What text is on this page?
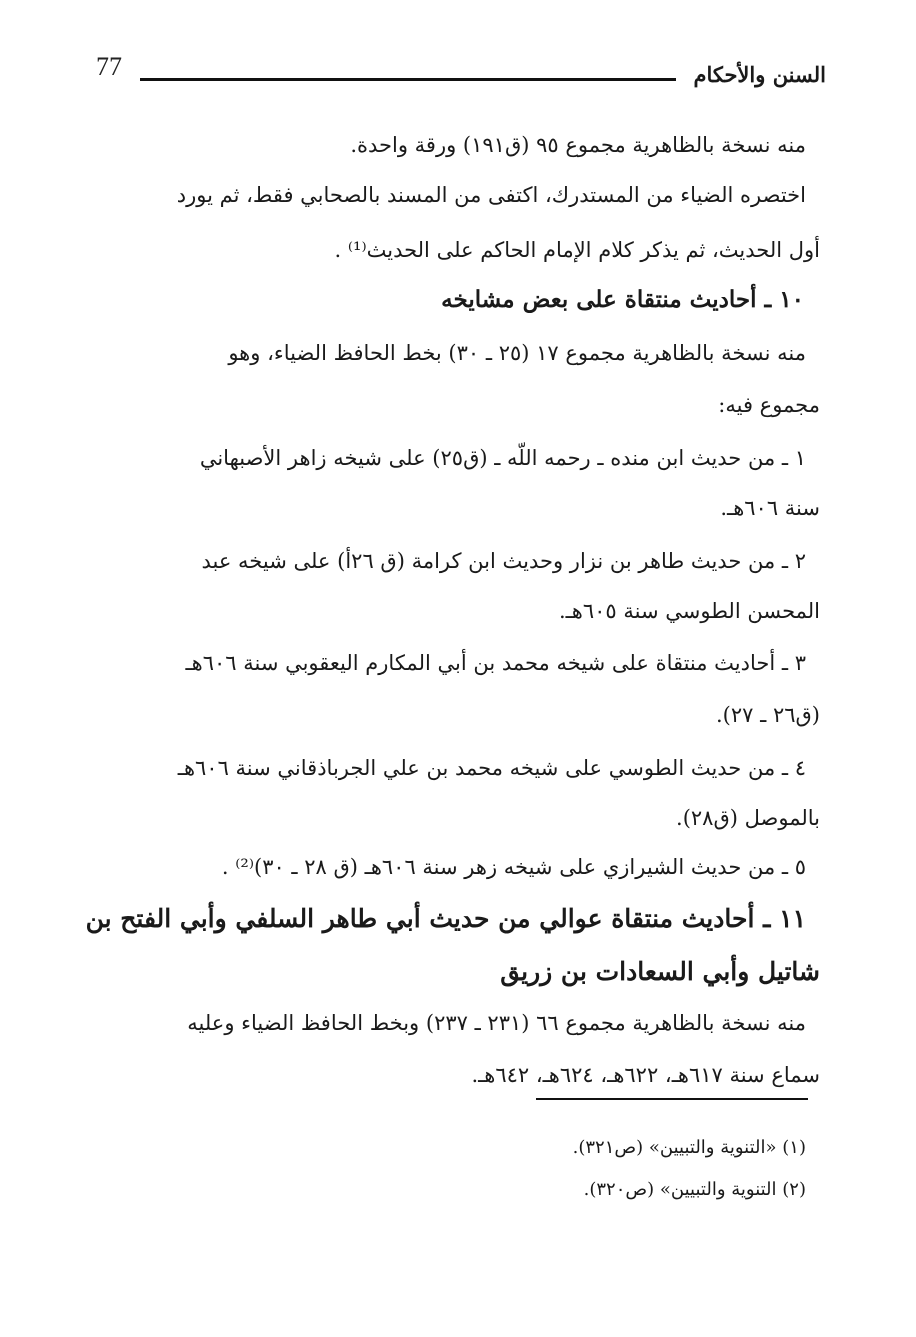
77	السنن والأحكام
منه نسخة بالظاهرية مجموع ٩٥ (ق١٩١) ورقة واحدة.
اختصره الضياء من المستدرك، اكتفى من المسند بالصحابي فقط، ثم يورد
أول الحديث، ثم يذكر كلام الإمام الحاكم على الحديث⁽¹⁾ .
١٠ ـ أحاديث منتقاة على بعض مشايخه
منه نسخة بالظاهرية مجموع ١٧ (٢٥ ـ ٣٠) بخط الحافظ الضياء، وهو
مجموع فيه:
١ ـ من حديث ابن منده ـ رحمه اللّه ـ (ق٢٥) على شيخه زاهر الأصبهاني
سنة ٦٠٦هـ.
٢ ـ من حديث طاهر بن نزار وحديث ابن كرامة (ق ٢٦أ) على شيخه عبد
المحسن الطوسي سنة ٦٠٥هـ.
٣ ـ أحاديث منتقاة على شيخه محمد بن أبي المكارم اليعقوبي سنة ٦٠٦هـ
(ق٢٦ ـ ٢٧).
٤ ـ من حديث الطوسي على شيخه محمد بن علي الجرباذقاني سنة ٦٠٦هـ
بالموصل (ق٢٨).
٥ ـ من حديث الشيرازي على شيخه زهر سنة ٦٠٦هـ (ق ٢٨ ـ ٣٠)⁽²⁾ .
١١ ـ أحاديث منتقاة عوالي من حديث أبي طاهر السلفي وأبي الفتح بن
شاتيل وأبي السعادات بن زريق
منه نسخة بالظاهرية مجموع ٦٦ (٢٣١ ـ ٢٣٧) وبخط الحافظ الضياء وعليه
سماع سنة ٦١٧هـ، ٦٢٢هـ، ٦٢٤هـ، ٦٤٢هـ.
(١) «التنوية والتبيين» (ص٣٢١).
(٢) التنوية والتبيين» (ص٣٢٠).
